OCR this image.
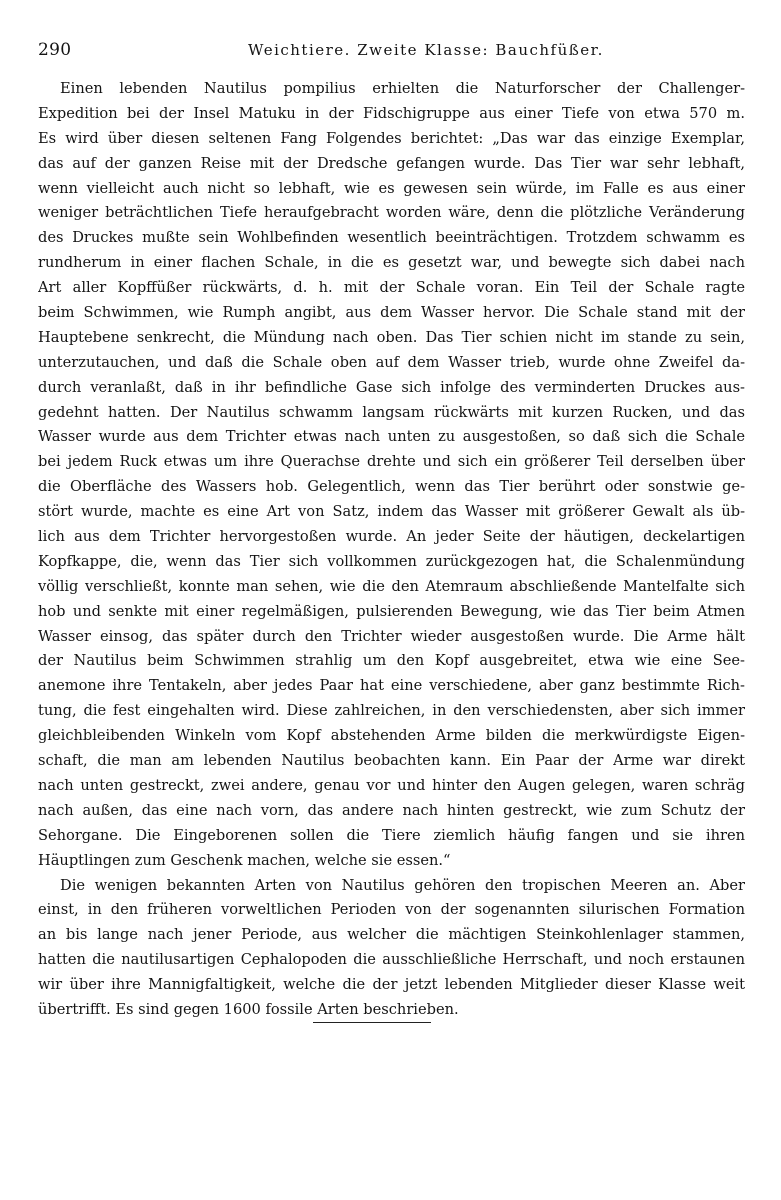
290	Weichtiere. Zweite Klasse: Bauchfüßer.
Einen lebenden Nautilus pompilius erhielten die Naturforscher der Challenger-
Expedition bei der Insel Matuku in der Fidschigruppe aus einer Tiefe von etwa 570 m.
Es wird über diesen seltenen Fang Folgendes berichtet: „Das war das einzige Exemplar,
das auf der ganzen Reise mit der Dredsche gefangen wurde. Das Tier war sehr lebhaft,
wenn vielleicht auch nicht so lebhaft, wie es gewesen sein würde, im Falle es aus einer
weniger beträchtlichen Tiefe heraufgebracht worden wäre, denn die plötzliche Veränderung
des Druckes mußte sein Wohlbefinden wesentlich beeinträchtigen. Trotzdem schwamm es
rundherum in einer flachen Schale, in die es gesetzt war, und bewegte sich dabei nach
Art aller Kopffüßer rückwärts, d. h. mit der Schale voran. Ein Teil der Schale ragte
beim Schwimmen, wie Rumph angibt, aus dem Wasser hervor. Die Schale stand mit der
Hauptebene senkrecht, die Mündung nach oben. Das Tier schien nicht im stande zu sein,
unterzutauchen, und daß die Schale oben auf dem Wasser trieb, wurde ohne Zweifel da-
durch veranlaßt, daß in ihr befindliche Gase sich infolge des verminderten Druckes aus-
gedehnt hatten. Der Nautilus schwamm langsam rückwärts mit kurzen Rucken, und das
Wasser wurde aus dem Trichter etwas nach unten zu ausgestoßen, so daß sich die Schale
bei jedem Ruck etwas um ihre Querachse drehte und sich ein größerer Teil derselben über
die Oberfläche des Wassers hob. Gelegentlich, wenn das Tier berührt oder sonstwie ge-
stört wurde, machte es eine Art von Satz, indem das Wasser mit größerer Gewalt als üb-
lich aus dem Trichter hervorgestoßen wurde. An jeder Seite der häutigen, deckelartigen
Kopfkappe, die, wenn das Tier sich vollkommen zurückgezogen hat, die Schalenmündung
völlig verschließt, konnte man sehen, wie die den Atemraum abschließende Mantelfalte sich
hob und senkte mit einer regelmäßigen, pulsierenden Bewegung, wie das Tier beim Atmen
Wasser einsog, das später durch den Trichter wieder ausgestoßen wurde. Die Arme hält
der Nautilus beim Schwimmen strahlig um den Kopf ausgebreitet, etwa wie eine See-
anemone ihre Tentakeln, aber jedes Paar hat eine verschiedene, aber ganz bestimmte Rich-
tung, die fest eingehalten wird. Diese zahlreichen, in den verschiedensten, aber sich immer
gleichbleibenden Winkeln vom Kopf abstehenden Arme bilden die merkwürdigste Eigen-
schaft, die man am lebenden Nautilus beobachten kann. Ein Paar der Arme war direkt
nach unten gestreckt, zwei andere, genau vor und hinter den Augen gelegen, waren schräg
nach außen, das eine nach vorn, das andere nach hinten gestreckt, wie zum Schutz der
Sehorgane. Die Eingeborenen sollen die Tiere ziemlich häufig fangen und sie ihren
Häuptlingen zum Geschenk machen, welche sie essen.“
Die wenigen bekannten Arten von Nautilus gehören den tropischen Meeren an. Aber
einst, in den früheren vorweltlichen Perioden von der sogenannten silurischen Formation
an bis lange nach jener Periode, aus welcher die mächtigen Steinkohlenlager stammen,
hatten die nautilusartigen Cephalopoden die ausschließliche Herrschaft, und noch erstaunen
wir über ihre Mannigfaltigkeit, welche die der jetzt lebenden Mitglieder dieser Klasse weit
übertrifft. Es sind gegen 1600 fossile Arten beschrieben.
